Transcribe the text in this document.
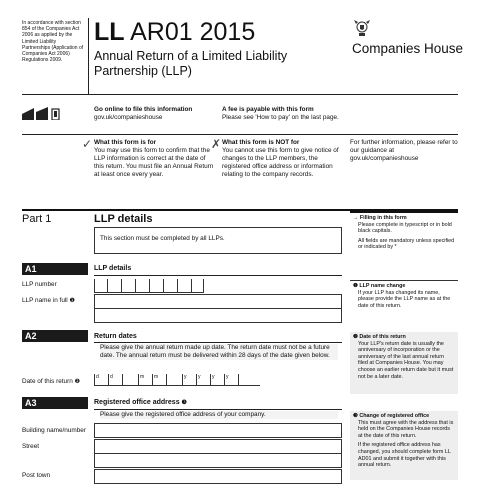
In accordance with section 854 of the Companies Act 2006 as applied by the Limited Liability Partnerships (Application of Companies Act 2006) Regulations 2009.
LL AR01 2015
Annual Return of a Limited Liability
Partnership (LLP)
Companies House
Go online to file this information
gov.uk/companieshouse
A fee is payable with this form
Please see 'How to pay' on the last page.
✓ What this form is for
You may use this form to confirm that the LLP information is correct at the date of this return. You must file an Annual Return at least once every year.
✗ What this form is NOT for
You cannot use this form to give notice of changes to the LLP members, the registered office address or information relating to the company records.
For further information, please refer to our guidance at gov.uk/companieshouse
Part 1	LLP details
This section must be completed by all LLPs.
→ Filling in this form
Please complete in typescript or in bold black capitals.
All fields are mandatory unless specified or indicated by *
A1	LLP details
LLP number
LLP name in full ❶
❶ LLP name change
If your LLP has changed its name, please provide the LLP name as at the date of this return.
A2	Return dates
Please give the annual return made up date. The return date must not be a future date. The annual return must be delivered within 28 days of the date given below.
Date of this return ❷
d d	m m	y y y y
❷ Date of this return
Your LLP's return date is usually the anniversary of incorporation or the anniversary of the last annual return filed at Companies House. You may choose an earlier return date but it must not be a later date.
A3	Registered office address ❸
Please give the registered office address of your company.
Building name/number
Street
Post town
❸ Change of registered office
This must agree with the address that is held on the Companies House records at the date of this return.
If the registered office address has changed, you should complete form LL AD01 and submit it together with this annual return.
